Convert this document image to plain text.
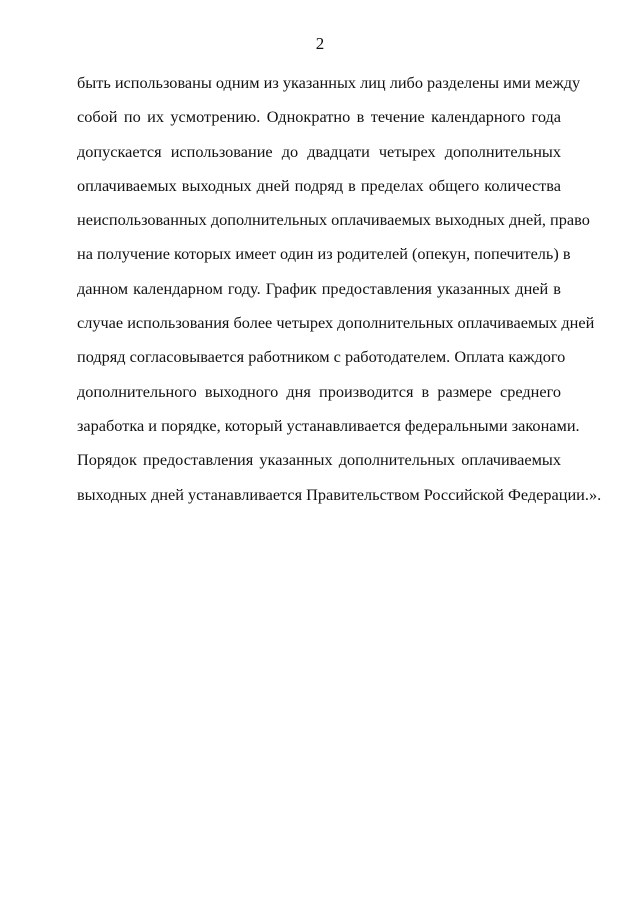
2
быть использованы одним из указанных лиц либо разделены ими между
собой по их усмотрению. Однократно в течение календарного года
допускается использование до двадцати четырех дополнительных
оплачиваемых выходных дней подряд в пределах общего количества
неиспользованных дополнительных оплачиваемых выходных дней, право
на получение которых имеет один из родителей (опекун, попечитель) в
данном календарном году. График предоставления указанных дней в
случае использования более четырех дополнительных оплачиваемых дней
подряд согласовывается работником с работодателем. Оплата каждого
дополнительного выходного дня производится в размере среднего
заработка и порядке, который устанавливается федеральными законами.
Порядок предоставления указанных дополнительных оплачиваемых
выходных дней устанавливается Правительством Российской Федерации.».
